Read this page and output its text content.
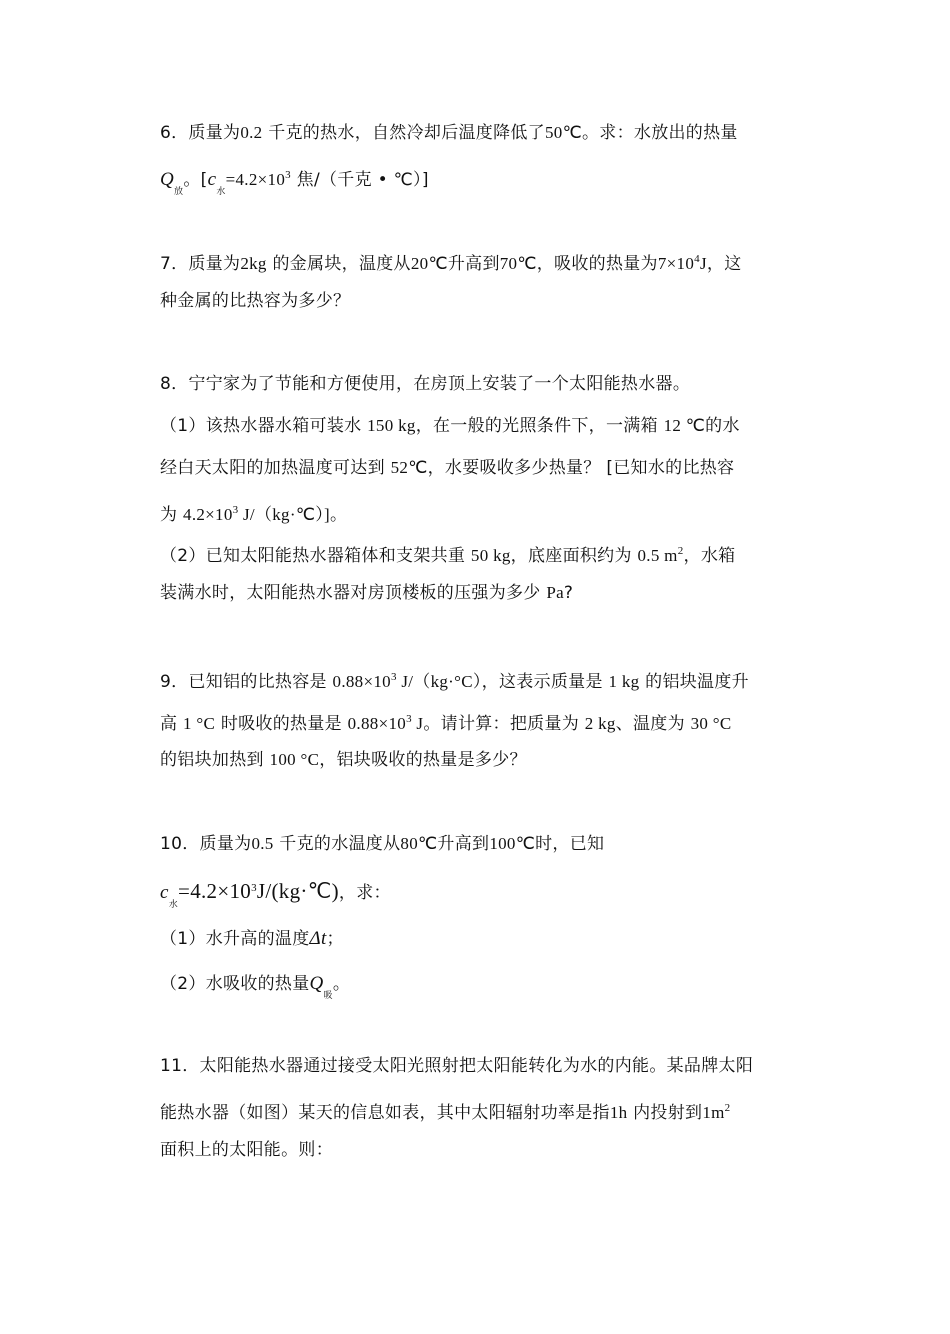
6．质量为0.2 千克的热水，自然冷却后温度降低了50℃。求：水放出的热量
$Q_放$。[$c_水=4.2\times 10^3$ 焦/（千克 • ℃）]
7．质量为2kg 的金属块，温度从20℃升高到70℃，吸收的热量为$7\times 10^4J$，这
种金属的比热容为多少？
8．宁宁家为了节能和方便使用，在房顶上安装了一个太阳能热水器。
（1）该热水器水箱可装水 150 kg，在一般的光照条件下，一满箱 12 ℃的水
经白天太阳的加热温度可达到 52℃，水要吸收多少热量？ [已知水的比热容
为 $4.2\times 10^3$ J/（kg·℃）]。
（2）已知太阳能热水器箱体和支架共重 50 kg，底座面积约为 0.5 $m^2$，水箱
装满水时，太阳能热水器对房顶楼板的压强为多少 Pa?
9．已知铝的比热容是 $0.88\times 10^3$ J/（kg·°C），这表示质量是 1 kg 的铝块温度升
高 1 °C 时吸收的热量是 $0.88\times 10^3$ J。请计算：把质量为 2 kg、温度为 30 °C
的铝块加热到 100 °C，铝块吸收的热量是多少？
10．质量为0.5 千克的水温度从80℃升高到100℃时，已知
$c_水=4.2\times 10^3J/(kg\cdot℃)$，求：
（1）水升高的温度Δt；
（2）水吸收的热量$Q_吸$。
11．太阳能热水器通过接受太阳光照射把太阳能转化为水的内能。某品牌太阳
能热水器（如图）某天的信息如表，其中太阳辐射功率是指1h 内投射到$1m^2$
面积上的太阳能。则：
